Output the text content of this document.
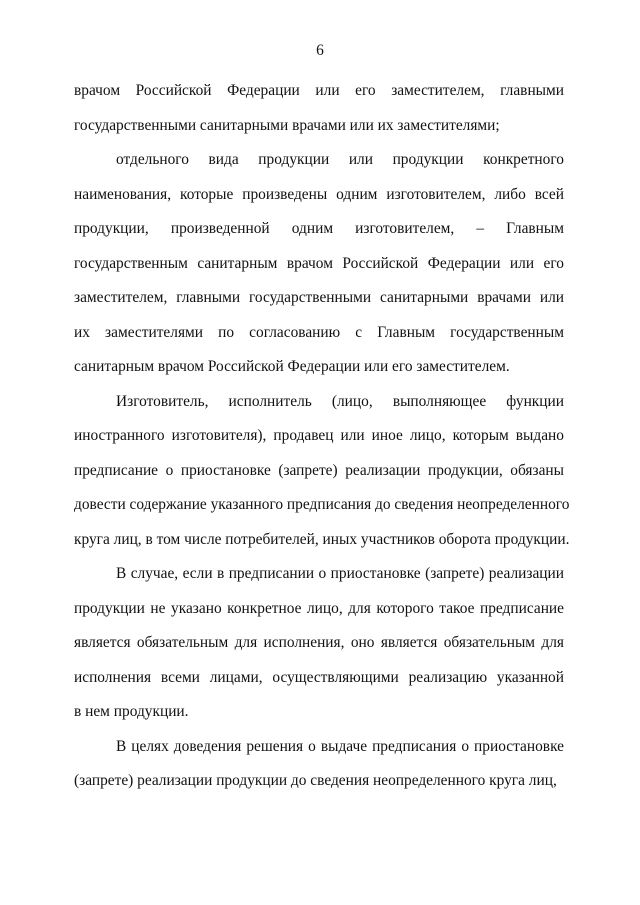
6
врачом Российской Федерации или его заместителем, главными
государственными санитарными врачами или их заместителями;
отдельного вида продукции или продукции конкретного
наименования, которые произведены одним изготовителем, либо всей
продукции, произведенной одним изготовителем, – Главным
государственным санитарным врачом Российской Федерации или его
заместителем, главными государственными санитарными врачами или
их заместителями по согласованию с Главным государственным
санитарным врачом Российской Федерации или его заместителем.
Изготовитель, исполнитель (лицо, выполняющее функции
иностранного изготовителя), продавец или иное лицо, которым выдано
предписание о приостановке (запрете) реализации продукции, обязаны
довести содержание указанного предписания до сведения неопределенного
круга лиц, в том числе потребителей, иных участников оборота продукции.
В случае, если в предписании о приостановке (запрете) реализации
продукции не указано конкретное лицо, для которого такое предписание
является обязательным для исполнения, оно является обязательным для
исполнения всеми лицами, осуществляющими реализацию указанной
в нем продукции.
В целях доведения решения о выдаче предписания о приостановке
(запрете) реализации продукции до сведения неопределенного круга лиц,
